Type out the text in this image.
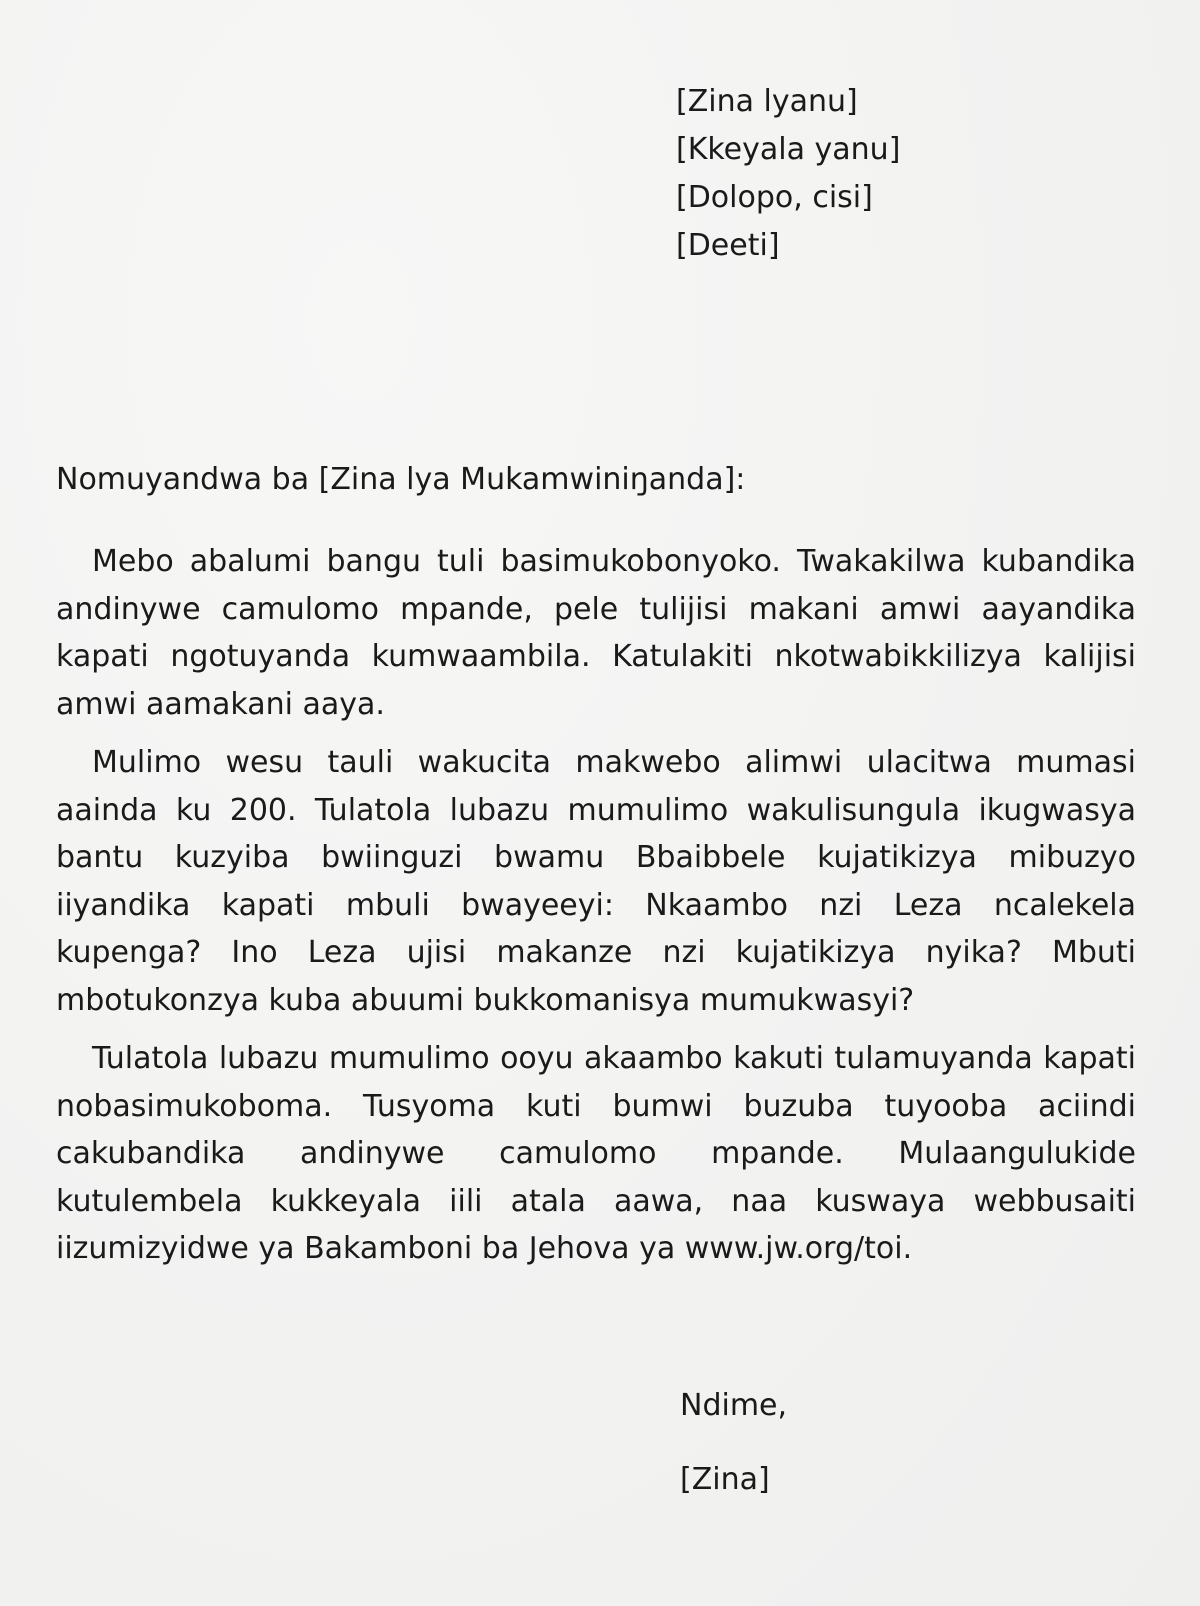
[Zina lyanu]
[Kkeyala yanu]
[Dolopo, cisi]
[Deeti]
Nomuyandwa ba [Zina lya Mukamwiniŋanda]:

Mebo abalumi bangu tuli basimukobonyoko. Twakakilwa kubandika andinywe camulomo mpande, pele tulijisi makani amwi aayandika kapati ngotuyanda kumwaambila. Katulakiti nkotwabikkilizya kalijisi amwi aamakani aaya.

Mulimo wesu tauli wakucita makwebo alimwi ulacitwa mumasi aainda ku 200. Tulatola lubazu mumulimo wakulisungula ikugwasya bantu kuzyiba bwiinguzi bwamu Bbaibbele kujatikizya mibuzyo iiyandika kapati mbuli bwayeeyi: Nkaambo nzi Leza ncalekela kupenga? Ino Leza ujisi makanze nzi kujatikizya nyika? Mbuti mbotukonzya kuba abuumi bukkomanisya mumukwasyi?

Tulatola lubazu mumulimo ooyu akaambo kakuti tulamuyanda kapati nobasimukoboma. Tusyoma kuti bumwi buzuba tuyooba aciindi cakubandika andinywe camulomo mpande. Mulaangulukide kutulembela kukkeyala iili atala aawa, naa kuswaya webbusaiti iizumizyidwe ya Bakamboni ba Jehova ya www.jw.org/toi.

Ndime,
[Zina]
